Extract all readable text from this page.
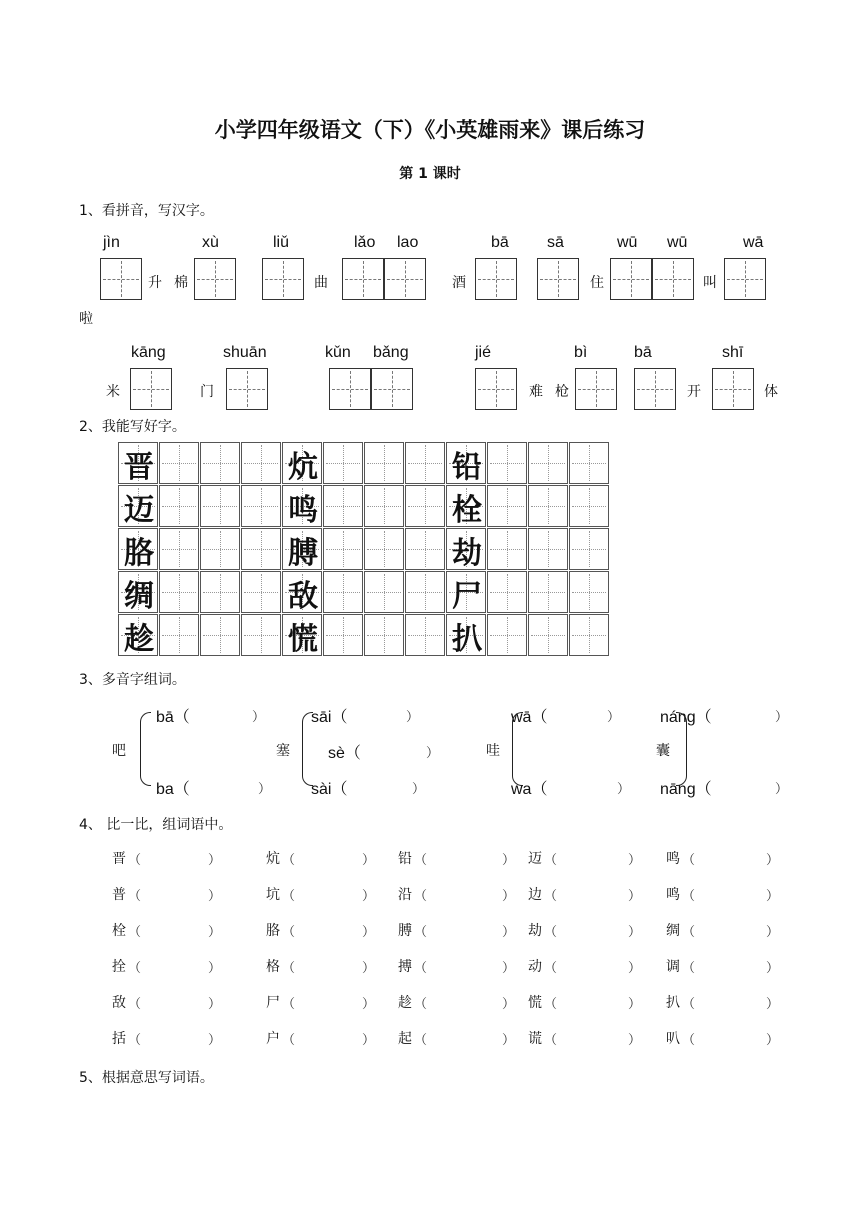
小学四年级语文（下）《小英雄雨来》课后练习
第 1 课时
1、看拼音，写汉字。
jìn	xù	liǔ	lǎo lao	bā sā	wū wū	wā
升 棉	曲	酒	住	叫
啦
kāng	shuān	kǔn bǎng	jié	bì	bā	shī
米	门	难 枪	开	体
2、我能写好字。
晋	炕	铅
迈	鸣	栓
胳	膊	劫
绸	敌	尸
趁	慌	扒
3、多音字组词。
吧
bā（	）
ba（	）
塞
sāi（	）
sè（	）
sài（	）
哇
wā（	）
wa（	）
囊
náng（	）
nāng（	）
4、 比一比，组词语中。
晋 （	）	炕 （	） 铅 （	） 迈 （	） 鸣 （	）
普 （	）	坑 （	） 沿 （	） 边 （	） 鸣 （	）
栓 （	）	胳 （	） 膊 （	） 劫 （	） 绸 （	）
拴 （	）	格 （	） 搏 （	） 动 （	） 调 （	）
敌 （	）	尸 （	） 趁 （	） 慌 （	） 扒 （	）
括 （	）	户 （	） 起 （	） 谎 （	） 叭 （	）
5、根据意思写词语。
